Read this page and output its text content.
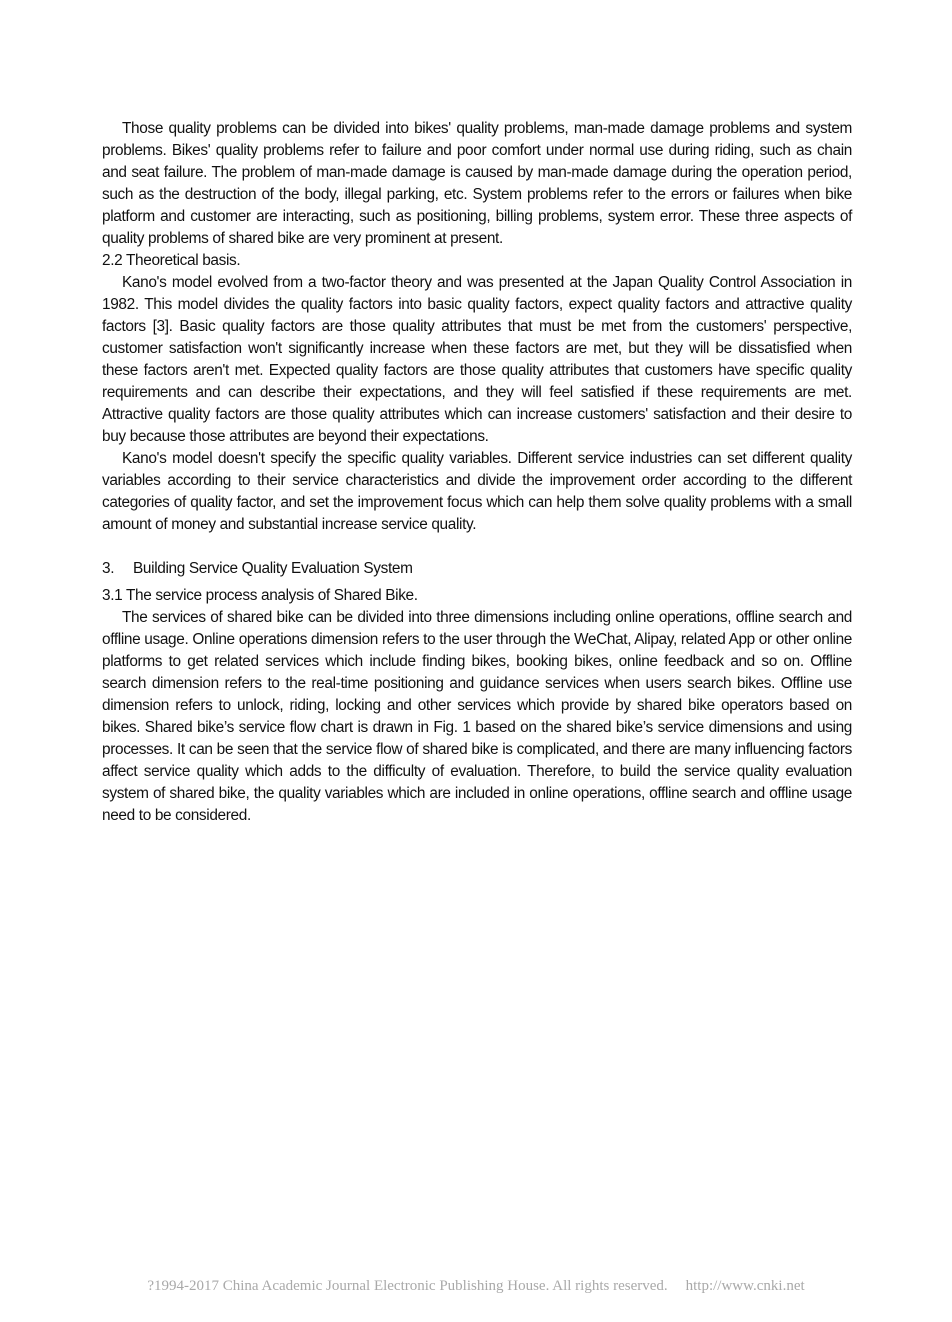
Those quality problems can be divided into bikes' quality problems, man-made damage problems and system problems. Bikes' quality problems refer to failure and poor comfort under normal use during riding, such as chain and seat failure. The problem of man-made damage is caused by man-made damage during the operation period, such as the destruction of the body, illegal parking, etc. System problems refer to the errors or failures when bike platform and customer are interacting, such as positioning, billing problems, system error. These three aspects of quality problems of shared bike are very prominent at present.

2.2 Theoretical basis.

Kano's model evolved from a two-factor theory and was presented at the Japan Quality Control Association in 1982. This model divides the quality factors into basic quality factors, expect quality factors and attractive quality factors [3]. Basic quality factors are those quality attributes that must be met from the customers' perspective, customer satisfaction won't significantly increase when these factors are met, but they will be dissatisfied when these factors aren't met. Expected quality factors are those quality attributes that customers have specific quality requirements and can describe their expectations, and they will feel satisfied if these requirements are met. Attractive quality factors are those quality attributes which can increase customers' satisfaction and their desire to buy because those attributes are beyond their expectations.

Kano's model doesn't specify the specific quality variables. Different service industries can set different quality variables according to their service characteristics and divide the improvement order according to the different categories of quality factor, and set the improvement focus which can help them solve quality problems with a small amount of money and substantial increase service quality.

3.	Building Service Quality Evaluation System

3.1 The service process analysis of Shared Bike.

The services of shared bike can be divided into three dimensions including online operations, offline search and offline usage. Online operations dimension refers to the user through the WeChat, Alipay, related App or other online platforms to get related services which include finding bikes, booking bikes, online feedback and so on. Offline search dimension refers to the real-time positioning and guidance services when users search bikes. Offline use dimension refers to unlock, riding, locking and other services which provide by shared bike operators based on bikes. Shared bike’s service flow chart is drawn in Fig. 1 based on the shared bike’s service dimensions and using processes. It can be seen that the service flow of shared bike is complicated, and there are many influencing factors affect service quality which adds to the difficulty of evaluation. Therefore, to build the service quality evaluation system of shared bike, the quality variables which are included in online operations, offline search and offline usage need to be considered.

?1994-2017 China Academic Journal Electronic Publishing House. All rights reserved. http://www.cnki.net
